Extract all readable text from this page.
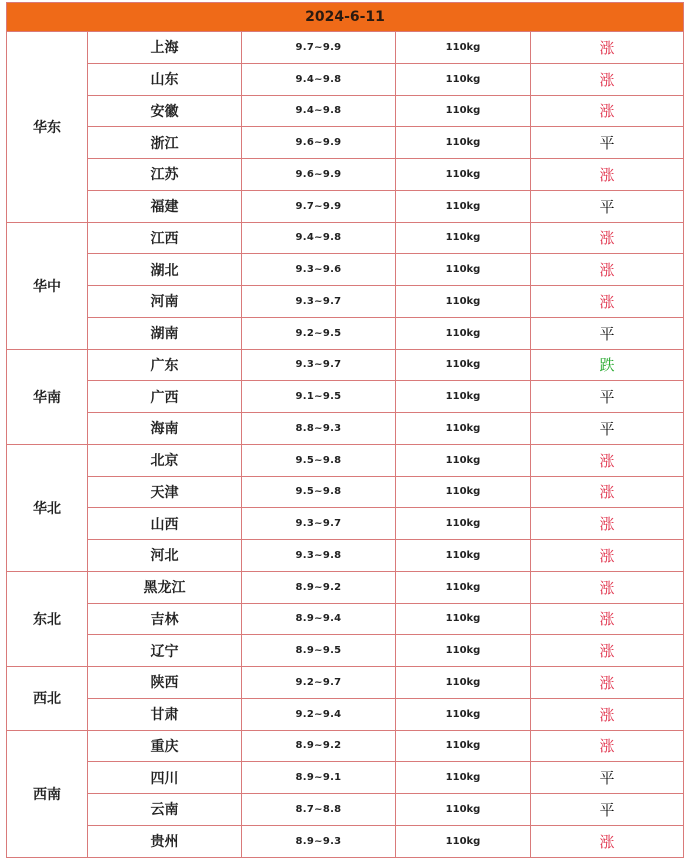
2024-6-11				
华东	上海	9.7~9.9	110kg	涨
	山东	9.4~9.8	110kg	涨
	安徽	9.4~9.8	110kg	涨
	浙江	9.6~9.9	110kg	平
	江苏	9.6~9.9	110kg	涨
	福建	9.7~9.9	110kg	平
华中	江西	9.4~9.8	110kg	涨
	湖北	9.3~9.6	110kg	涨
	河南	9.3~9.7	110kg	涨
	湖南	9.2~9.5	110kg	平
华南	广东	9.3~9.7	110kg	跌
	广西	9.1~9.5	110kg	平
	海南	8.8~9.3	110kg	平
华北	北京	9.5~9.8	110kg	涨
	天津	9.5~9.8	110kg	涨
	山西	9.3~9.7	110kg	涨
	河北	9.3~9.8	110kg	涨
东北	黑龙江	8.9~9.2	110kg	涨
	吉林	8.9~9.4	110kg	涨
	辽宁	8.9~9.5	110kg	涨
西北	陕西	9.2~9.7	110kg	涨
	甘肃	9.2~9.4	110kg	涨
西南	重庆	8.9~9.2	110kg	涨
	四川	8.9~9.1	110kg	平
	云南	8.7~8.8	110kg	平
	贵州	8.9~9.3	110kg	涨
